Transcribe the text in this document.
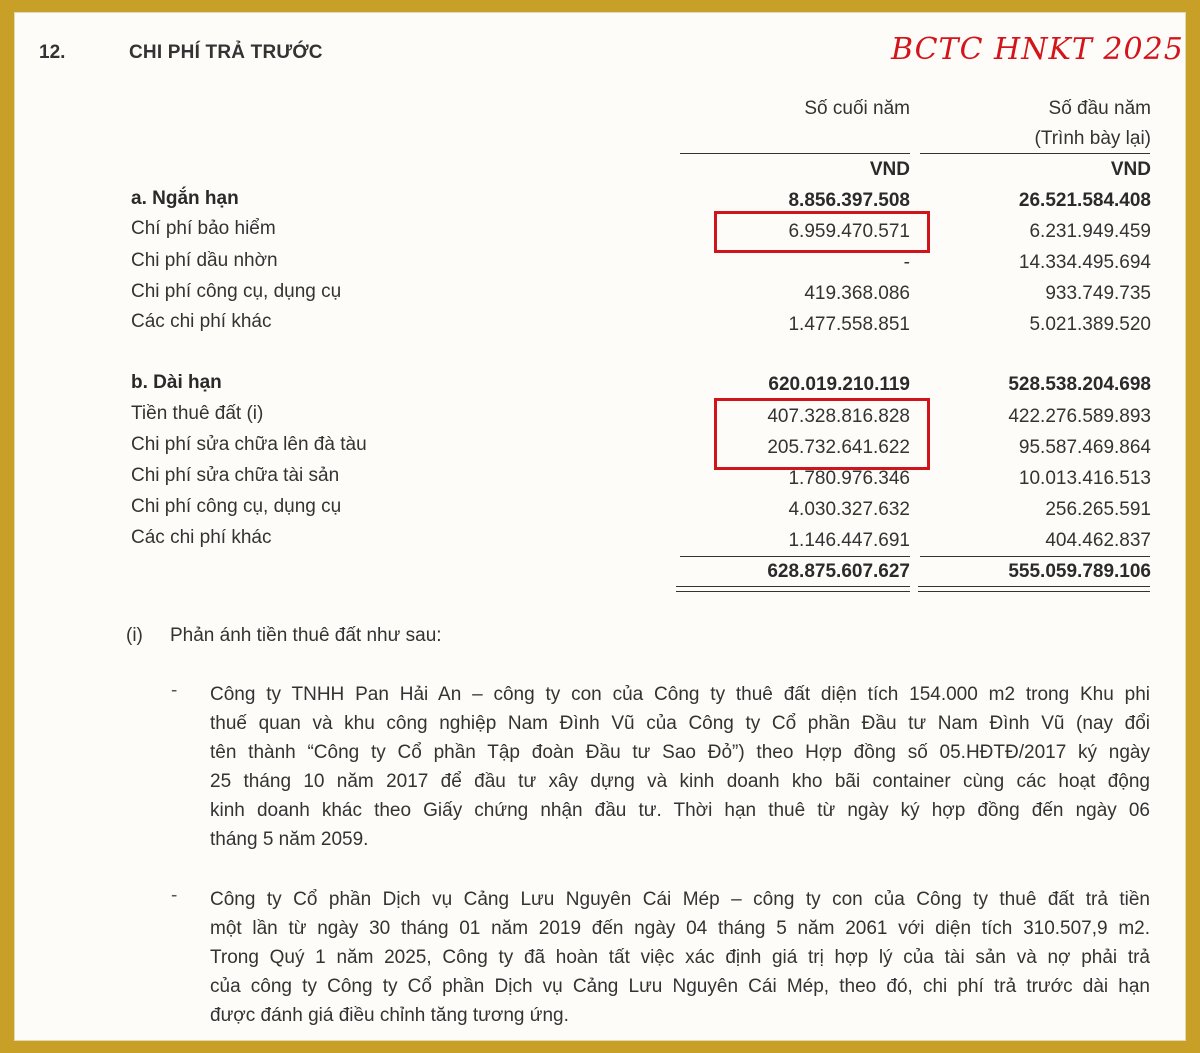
12.	CHI PHÍ TRẢ TRƯỚC	BCTC HNKT 2025
Số cuối năm	Số đầu năm
(Trình bày lại)
VND	VND
a. Ngắn hạn	8.856.397.508	26.521.584.408
Chí phí bảo hiểm	6.959.470.571	6.231.949.459
Chi phí dầu nhờn	-	14.334.495.694
Chi phí công cụ, dụng cụ	419.368.086	933.749.735
Các chi phí khác	1.477.558.851	5.021.389.520
b. Dài hạn	620.019.210.119	528.538.204.698
Tiền thuê đất (i)	407.328.816.828	422.276.589.893
Chi phí sửa chữa lên đà tàu	205.732.641.622	95.587.469.864
Chi phí sửa chữa tài sản	1.780.976.346	10.013.416.513
Chi phí công cụ, dụng cụ	4.030.327.632	256.265.591
Các chi phí khác	1.146.447.691	404.462.837
628.875.607.627	555.059.789.106
(i) Phản ánh tiền thuê đất như sau:
- Công ty TNHH Pan Hải An – công ty con của Công ty thuê đất diện tích 154.000 m2 trong Khu phi
thuế quan và khu công nghiệp Nam Đình Vũ của Công ty Cổ phần Đầu tư Nam Đình Vũ (nay đổi
tên thành “Công ty Cổ phần Tập đoàn Đầu tư Sao Đỏ”) theo Hợp đồng số 05.HĐTĐ/2017 ký ngày
25 tháng 10 năm 2017 để đầu tư xây dựng và kinh doanh kho bãi container cùng các hoạt động
kinh doanh khác theo Giấy chứng nhận đầu tư. Thời hạn thuê từ ngày ký hợp đồng đến ngày 06
tháng 5 năm 2059.
- Công ty Cổ phần Dịch vụ Cảng Lưu Nguyên Cái Mép – công ty con của Công ty thuê đất trả tiền
một lần từ ngày 30 tháng 01 năm 2019 đến ngày 04 tháng 5 năm 2061 với diện tích 310.507,9 m2.
Trong Quý 1 năm 2025, Công ty đã hoàn tất việc xác định giá trị hợp lý của tài sản và nợ phải trả
của công ty Công ty Cổ phần Dịch vụ Cảng Lưu Nguyên Cái Mép, theo đó, chi phí trả trước dài hạn
được đánh giá điều chỉnh tăng tương ứng.
